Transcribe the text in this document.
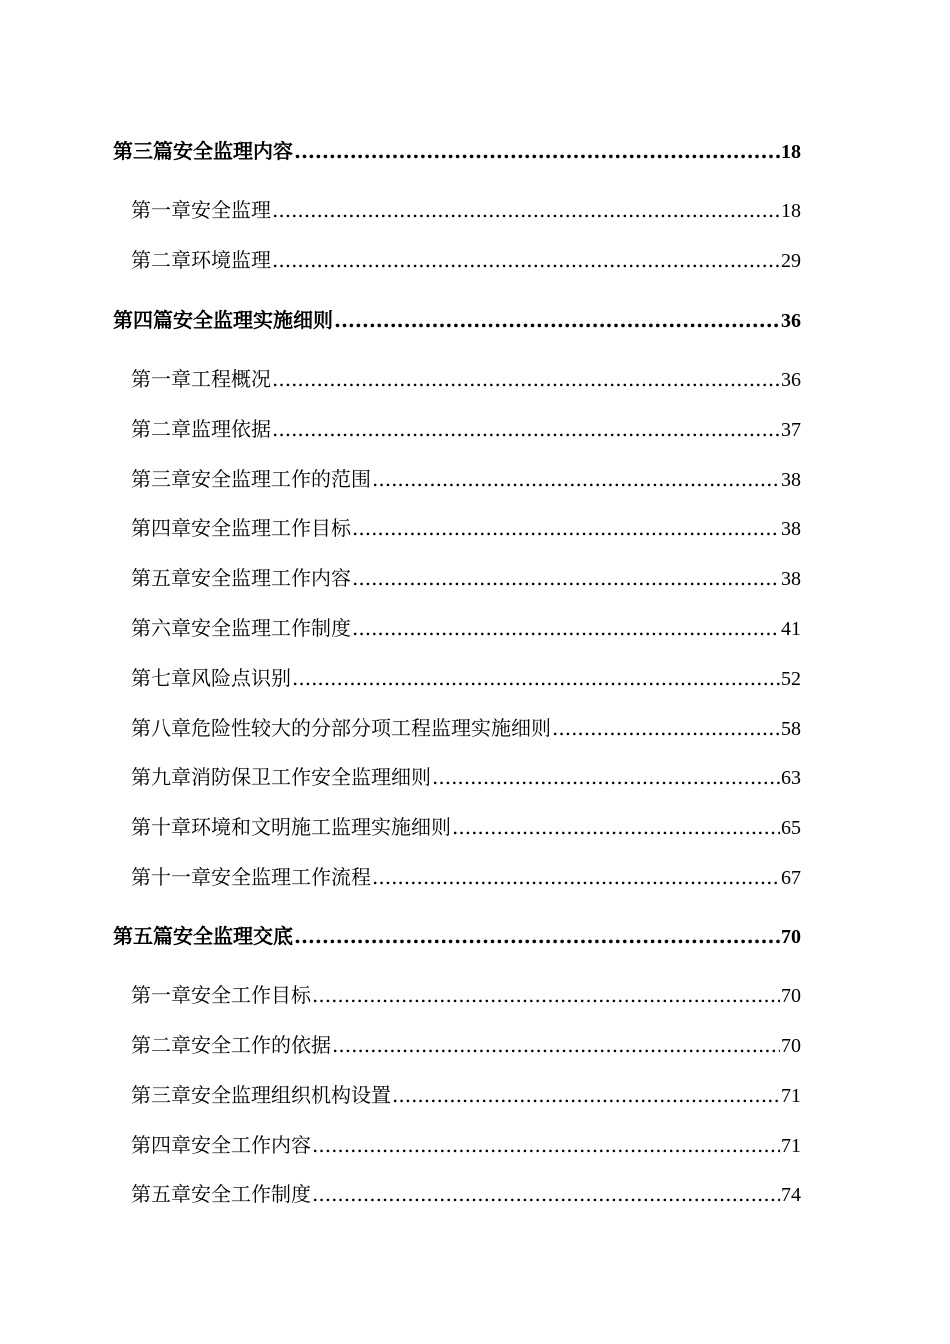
第三篇 安全监理内容 .....	18
第一章 安全监理 .....	18
第二章 环境监理 .....	29
第四篇 安全监理实施细则 .....	36
第一章 工程概况 .....	36
第二章 监理依据 .....	37
第三章 安全监理工作的范围 .....	38
第四章 安全监理工作目标 .....	38
第五章 安全监理工作内容 .....	38
第六章 安全监理工作制度 .....	41
第七章 风险点识别 .....	52
第八章 危险性较大的分部分项工程监理实施细则 .....	58
第九章 消防保卫工作安全监理细则 .....	63
第十章 环境和文明施工监理实施细则 .....	65
第十一章 安全监理工作流程 .....	67
第五篇 安全监理交底 .....	70
第一章 安全工作目标 .....	70
第二章 安全工作的依据 .....	70
第三章 安全监理组织机构设置 .....	71
第四章 安全工作内容 .....	71
第五章 安全工作制度 .....	74
